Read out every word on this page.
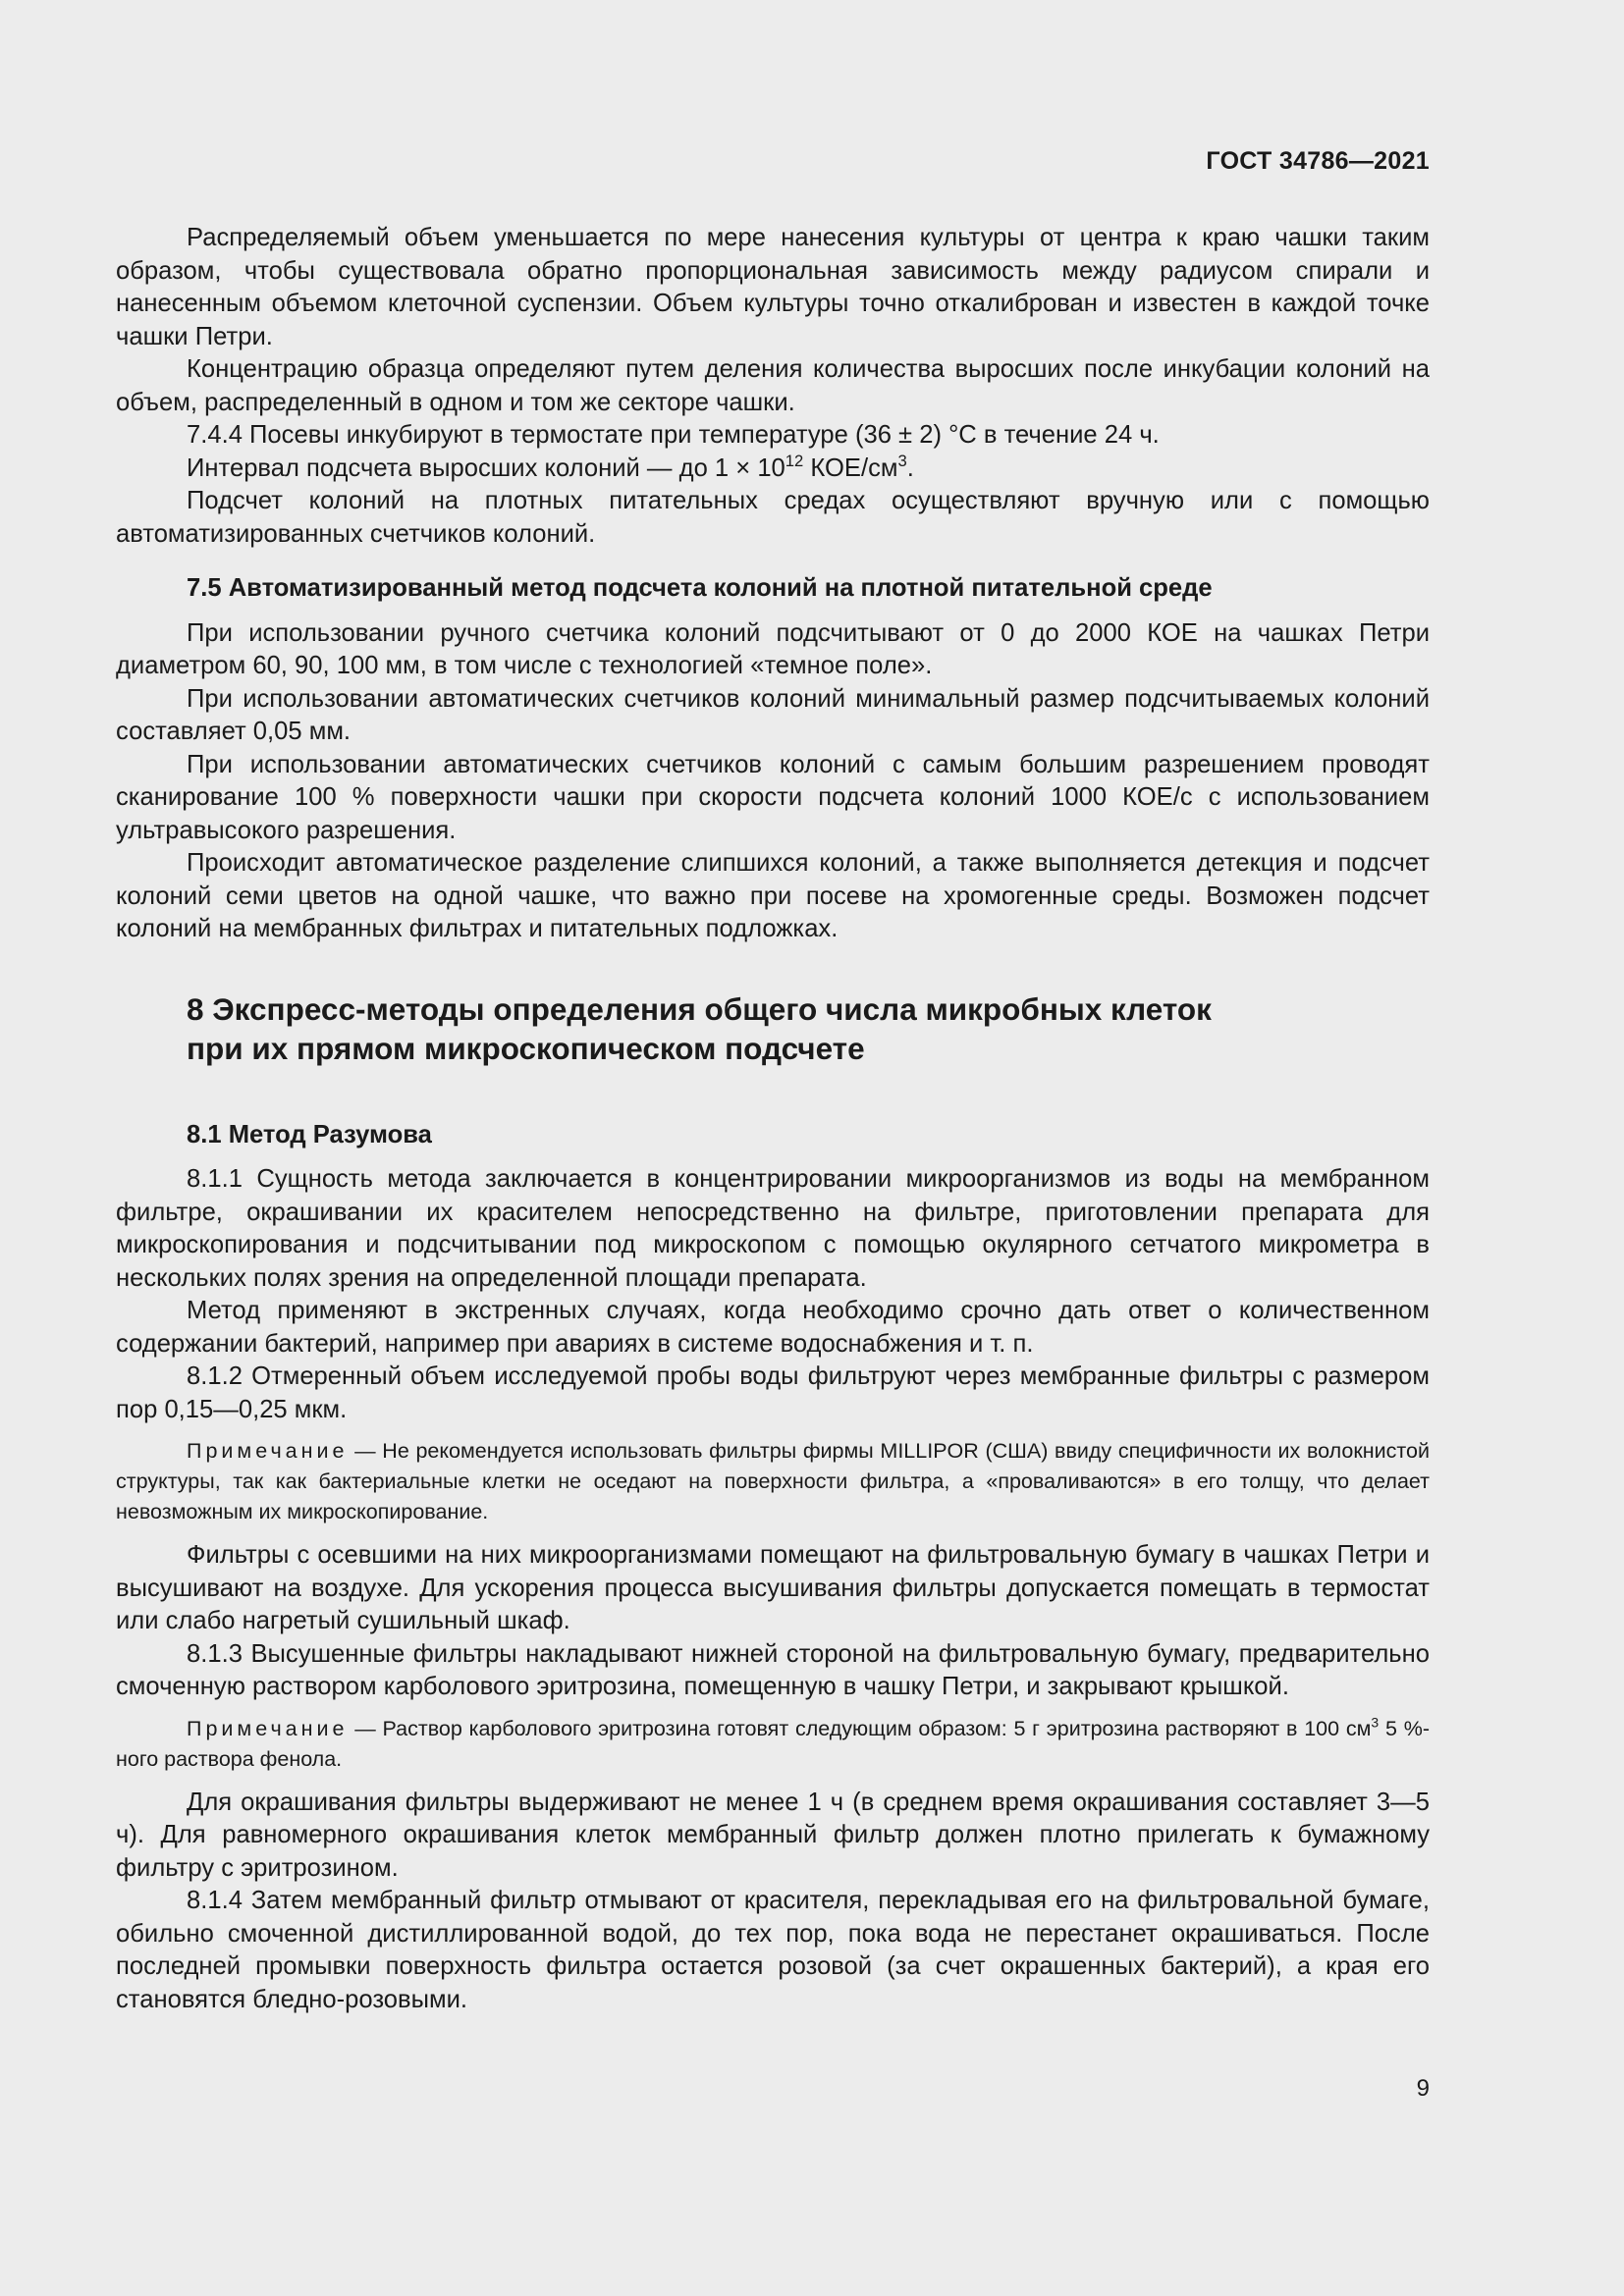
ГОСТ 34786—2021

Распределяемый объем уменьшается по мере нанесения культуры от центра к краю чашки таким образом, чтобы существовала обратно пропорциональная зависимость между радиусом спирали и нанесенным объемом клеточной суспензии. Объем культуры точно откалиброван и известен в каждой точке чашки Петри.

Концентрацию образца определяют путем деления количества выросших после инкубации колоний на объем, распределенный в одном и том же секторе чашки.

7.4.4 Посевы инкубируют в термостате при температуре (36 ± 2) °С в течение 24 ч.

Интервал подсчета выросших колоний — до $1 \times 10^{12}$ КОЕ/$см^3$.

Подсчет колоний на плотных питательных средах осуществляют вручную или с помощью автоматизированных счетчиков колоний.

7.5 Автоматизированный метод подсчета колоний на плотной питательной среде

При использовании ручного счетчика колоний подсчитывают от 0 до 2000 КОЕ на чашках Петри диаметром 60, 90, 100 мм, в том числе с технологией «темное поле».

При использовании автоматических счетчиков колоний минимальный размер подсчитываемых колоний составляет 0,05 мм.

При использовании автоматических счетчиков колоний с самым большим разрешением проводят сканирование 100 % поверхности чашки при скорости подсчета колоний 1000 КОЕ/с с использованием ультравысокого разрешения.

Происходит автоматическое разделение слипшихся колоний, а также выполняется детекция и подсчет колоний семи цветов на одной чашке, что важно при посеве на хромогенные среды. Возможен подсчет колоний на мембранных фильтрах и питательных подложках.

8 Экспресс-методы определения общего числа микробных клеток
при их прямом микроскопическом подсчете

8.1 Метод Разумова

8.1.1 Сущность метода заключается в концентрировании микроорганизмов из воды на мембранном фильтре, окрашивании их красителем непосредственно на фильтре, приготовлении препарата для микроскопирования и подсчитывании под микроскопом с помощью окулярного сетчатого микрометра в нескольких полях зрения на определенной площади препарата.

Метод применяют в экстренных случаях, когда необходимо срочно дать ответ о количественном содержании бактерий, например при авариях в системе водоснабжения и т. п.

8.1.2 Отмеренный объем исследуемой пробы воды фильтруют через мембранные фильтры с размером пор 0,15—0,25 мкм.

Примечание — Не рекомендуется использовать фильтры фирмы MILLIPOR (США) ввиду специфичности их волокнистой структуры, так как бактериальные клетки не оседают на поверхности фильтра, а «проваливаются» в его толщу, что делает невозможным их микроскопирование.

Фильтры с осевшими на них микроорганизмами помещают на фильтровальную бумагу в чашках Петри и высушивают на воздухе. Для ускорения процесса высушивания фильтры допускается помещать в термостат или слабо нагретый сушильный шкаф.

8.1.3 Высушенные фильтры накладывают нижней стороной на фильтровальную бумагу, предварительно смоченную раствором карболового эритрозина, помещенную в чашку Петри, и закрывают крышкой.

Примечание — Раствор карболового эритрозина готовят следующим образом: 5 г эритрозина растворяют в 100 $см^3$ 5 %-ного раствора фенола.

Для окрашивания фильтры выдерживают не менее 1 ч (в среднем время окрашивания составляет 3—5 ч). Для равномерного окрашивания клеток мембранный фильтр должен плотно прилегать к бумажному фильтру с эритрозином.

8.1.4 Затем мембранный фильтр отмывают от красителя, перекладывая его на фильтровальной бумаге, обильно смоченной дистиллированной водой, до тех пор, пока вода не перестанет окрашиваться. После последней промывки поверхность фильтра остается розовой (за счет окрашенных бактерий), а края его становятся бледно-розовыми.

9
